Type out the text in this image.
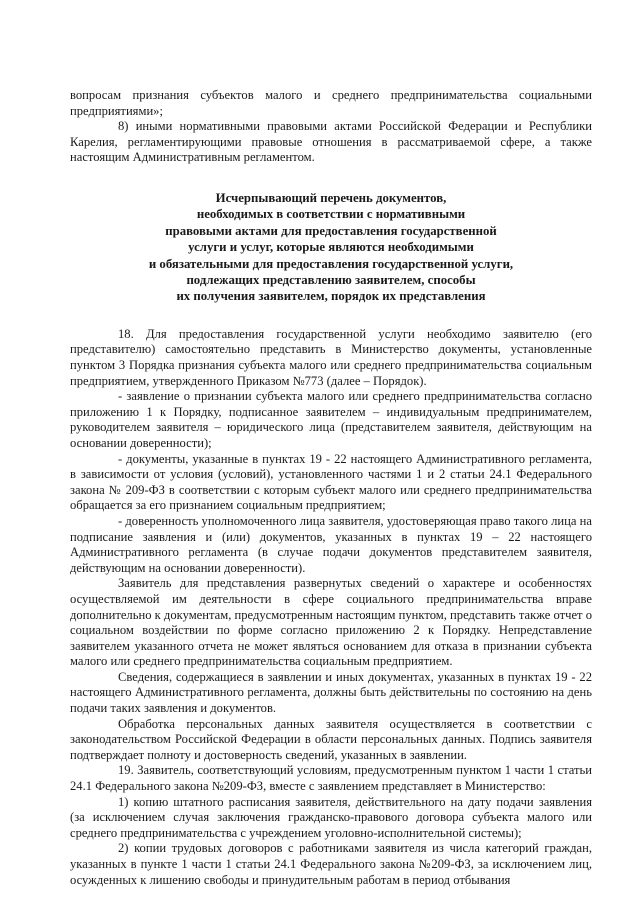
вопросам признания субъектов малого и среднего предпринимательства социальными предприятиями»;

8) иными нормативными правовыми актами Российской Федерации и Республики Карелия, регламентирующими правовые отношения в рассматриваемой сфере, а также настоящим Административным регламентом.

Исчерпывающий перечень документов,
необходимых в соответствии с нормативными
правовыми актами для предоставления государственной
услуги и услуг, которые являются необходимыми
и обязательными для предоставления государственной услуги,
подлежащих представлению заявителем, способы
их получения заявителем, порядок их представления

18. Для предоставления государственной услуги необходимо заявителю (его представителю) самостоятельно представить в Министерство документы, установленные пунктом 3 Порядка признания субъекта малого или среднего предпринимательства социальным предприятием, утвержденного Приказом №773 (далее – Порядок).

- заявление о признании субъекта малого или среднего предпринимательства согласно приложению 1 к Порядку, подписанное заявителем – индивидуальным предпринимателем, руководителем заявителя – юридического лица (представителем заявителя, действующим на основании доверенности);

- документы, указанные в пунктах 19 - 22 настоящего Административного регламента, в зависимости от условия (условий), установленного частями 1 и 2 статьи 24.1 Федерального закона № 209-ФЗ в соответствии с которым субъект малого или среднего предпринимательства обращается за его признанием социальным предприятием;

- доверенность уполномоченного лица заявителя, удостоверяющая право такого лица на подписание заявления и (или) документов, указанных в пунктах 19 – 22 настоящего Административного регламента (в случае подачи документов представителем заявителя, действующим на основании доверенности).

Заявитель для представления развернутых сведений о характере и особенностях осуществляемой им деятельности в сфере социального предпринимательства вправе дополнительно к документам, предусмотренным настоящим пунктом, представить также отчет о социальном воздействии по форме согласно приложению 2 к Порядку. Непредставление заявителем указанного отчета не может являться основанием для отказа в признании субъекта малого или среднего предпринимательства социальным предприятием.

Сведения, содержащиеся в заявлении и иных документах, указанных в пунктах 19 - 22 настоящего Административного регламента, должны быть действительны по состоянию на день подачи таких заявления и документов.

Обработка персональных данных заявителя осуществляется в соответствии с законодательством Российской Федерации в области персональных данных. Подпись заявителя подтверждает полноту и достоверность сведений, указанных в заявлении.

19. Заявитель, соответствующий условиям, предусмотренным пунктом 1 части 1 статьи 24.1 Федерального закона №209-ФЗ, вместе с заявлением представляет в Министерство:

1) копию штатного расписания заявителя, действительного на дату подачи заявления (за исключением случая заключения гражданско-правового договора субъекта малого или среднего предпринимательства с учреждением уголовно-исполнительной системы);

2) копии трудовых договоров с работниками заявителя из числа категорий граждан, указанных в пункте 1 части 1 статьи 24.1 Федерального закона №209-ФЗ, за исключением лиц, осужденных к лишению свободы и принудительным работам в период отбывания
